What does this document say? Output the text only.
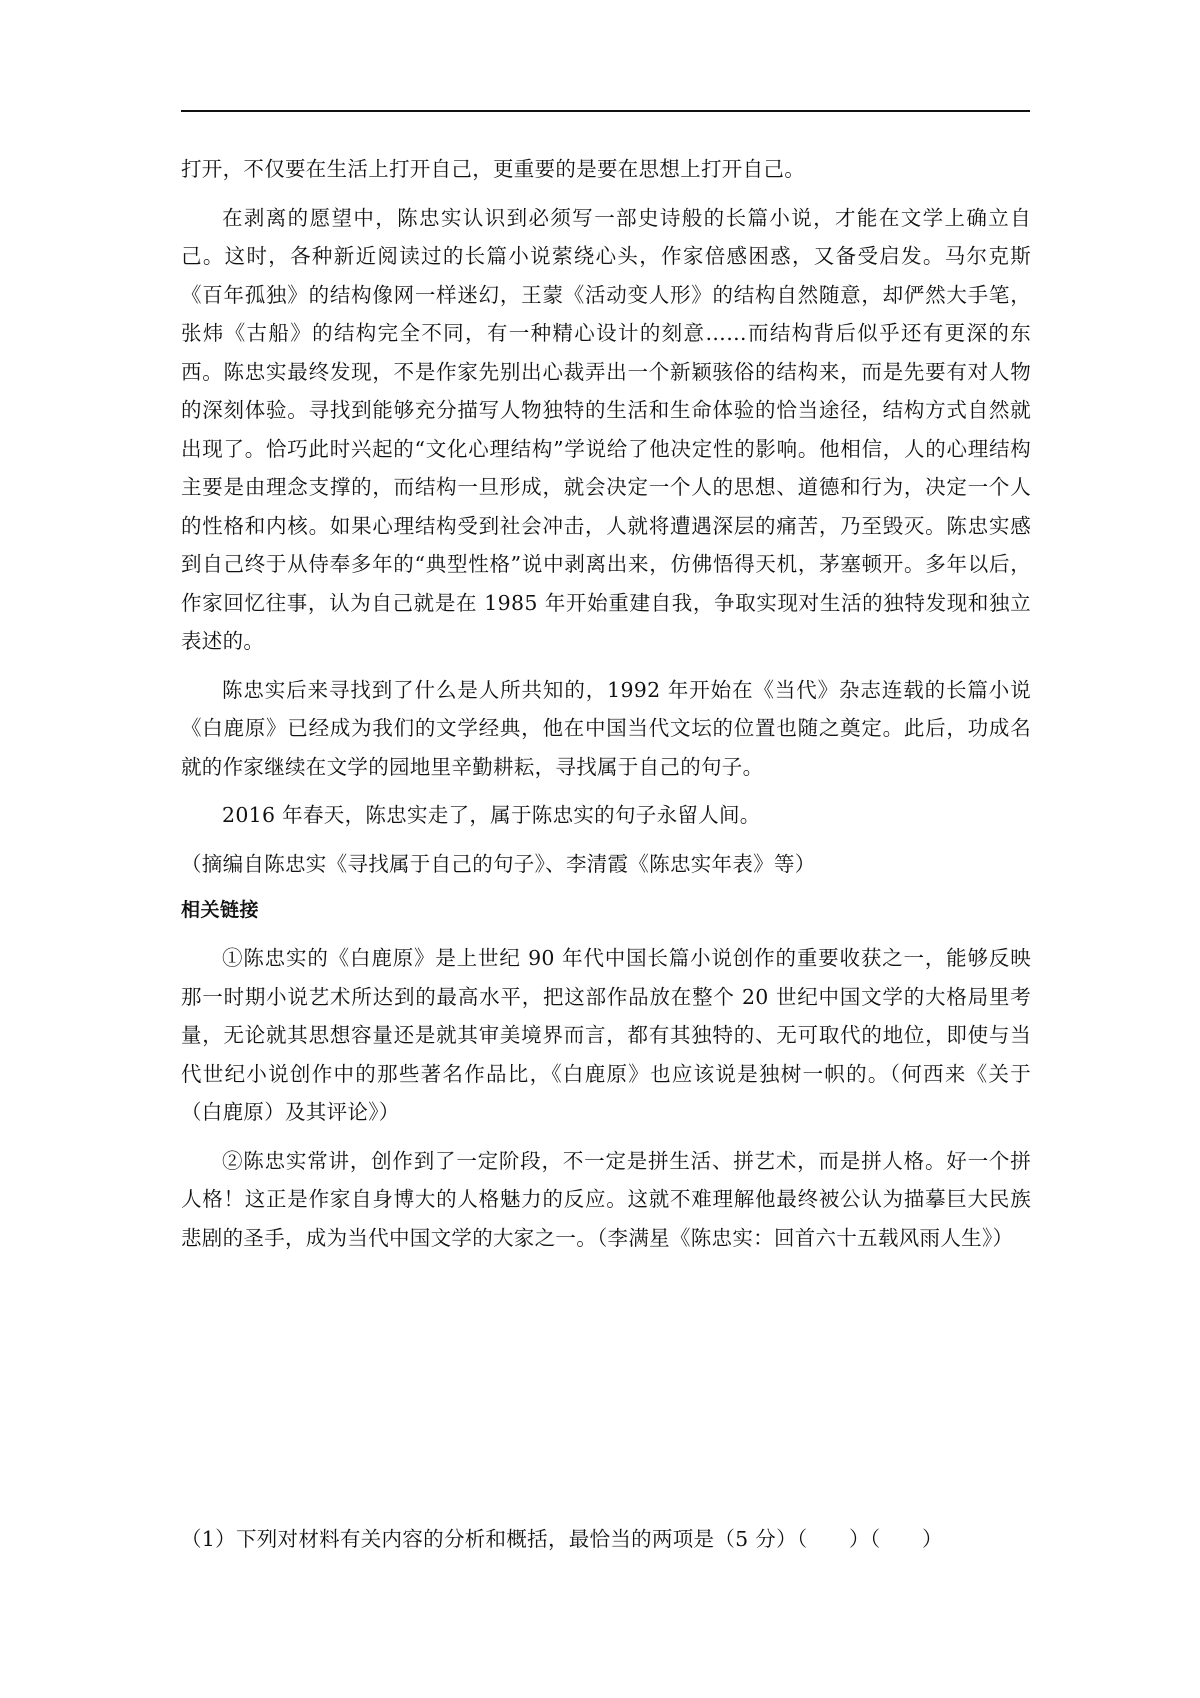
打开，不仅要在生活上打开自己，更重要的是要在思想上打开自己。

在剥离的愿望中，陈忠实认识到必须写一部史诗般的长篇小说，才能在文学上确立自己。这时，各种新近阅读过的长篇小说萦绕心头，作家倍感困惑，又备受启发。马尔克斯《百年孤独》的结构像网一样迷幻，王蒙《活动变人形》的结构自然随意，却俨然大手笔，张炜《古船》的结构完全不同，有一种精心设计的刻意……而结构背后似乎还有更深的东西。陈忠实最终发现，不是作家先别出心裁弄出一个新颖骇俗的结构来，而是先要有对人物的深刻体验。寻找到能够充分描写人物独特的生活和生命体验的恰当途径，结构方式自然就出现了。恰巧此时兴起的“文化心理结构”学说给了他决定性的影响。他相信，人的心理结构主要是由理念支撑的，而结构一旦形成，就会决定一个人的思想、道德和行为，决定一个人的性格和内核。如果心理结构受到社会冲击，人就将遭遇深层的痛苦，乃至毁灭。陈忠实感到自己终于从侍奉多年的“典型性格”说中剥离出来，仿佛悟得天机，茅塞顿开。多年以后，作家回忆往事，认为自己就是在 1985 年开始重建自我，争取实现对生活的独特发现和独立表述的。

陈忠实后来寻找到了什么是人所共知的，1992 年开始在《当代》杂志连载的长篇小说《白鹿原》已经成为我们的文学经典，他在中国当代文坛的位置也随之奠定。此后，功成名就的作家继续在文学的园地里辛勤耕耘，寻找属于自己的句子。

2016 年春天，陈忠实走了，属于陈忠实的句子永留人间。

（摘编自陈忠实《寻找属于自己的句子》、李清霞《陈忠实年表》等）

相关链接

①陈忠实的《白鹿原》是上世纪 90 年代中国长篇小说创作的重要收获之一，能够反映那一时期小说艺术所达到的最高水平，把这部作品放在整个 20 世纪中国文学的大格局里考量，无论就其思想容量还是就其审美境界而言，都有其独特的、无可取代的地位，即使与当代世纪小说创作中的那些著名作品比，《白鹿原》也应该说是独树一帜的。（何西来《关于（白鹿原）及其评论》）

②陈忠实常讲，创作到了一定阶段，不一定是拼生活、拼艺术，而是拼人格。好一个拼人格！这正是作家自身博大的人格魅力的反应。这就不难理解他最终被公认为描摹巨大民族悲剧的圣手，成为当代中国文学的大家之一。（李满星《陈忠实：回首六十五载风雨人生》）

（1）下列对材料有关内容的分析和概括，最恰当的两项是（5 分）（　　）（　　）
